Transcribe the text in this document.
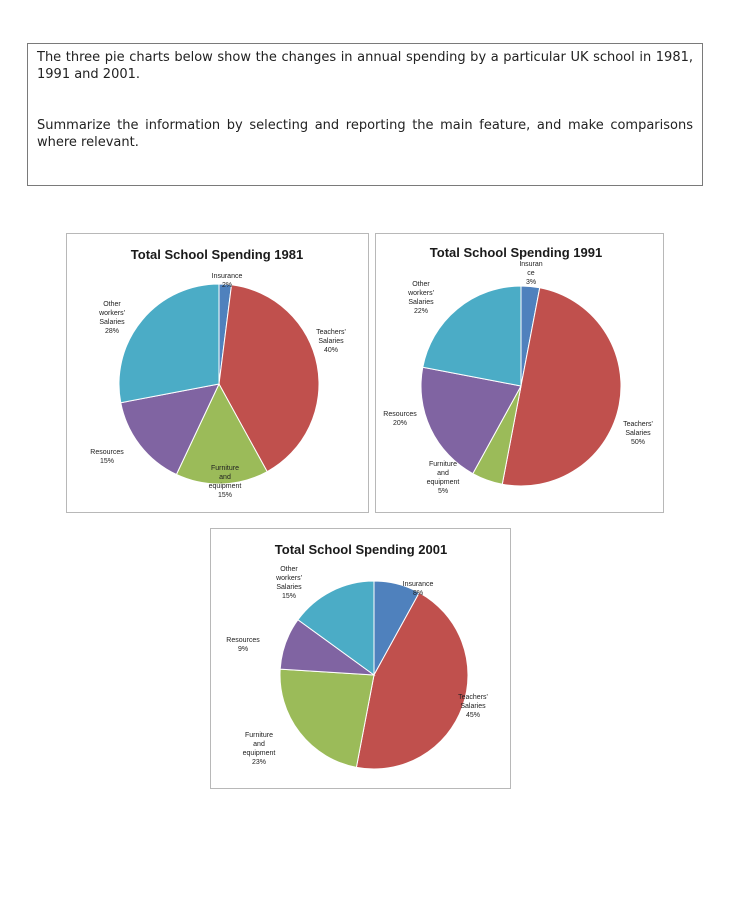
The three pie charts below show the changes in annual spending by a particular UK school in 1981, 1991 and 2001.

Summarize the information by selecting and reporting the main feature, and make comparisons where relevant.

Total School Spending 1981
Insurance 2%
Teachers' Salaries 40%
Furniture and equipment 15%
Resources 15%
Other workers' Salaries 28%
Total School Spending 1991
Insuran ce 3%
Teachers' Salaries 50%
Furniture and equipment 5%
Resources 20%
Other workers' Salaries 22%
Total School Spending 2001
Insurance 8%
Teachers' Salaries 45%
Furniture and equipment 23%
Resources 9%
Other workers' Salaries 15%
